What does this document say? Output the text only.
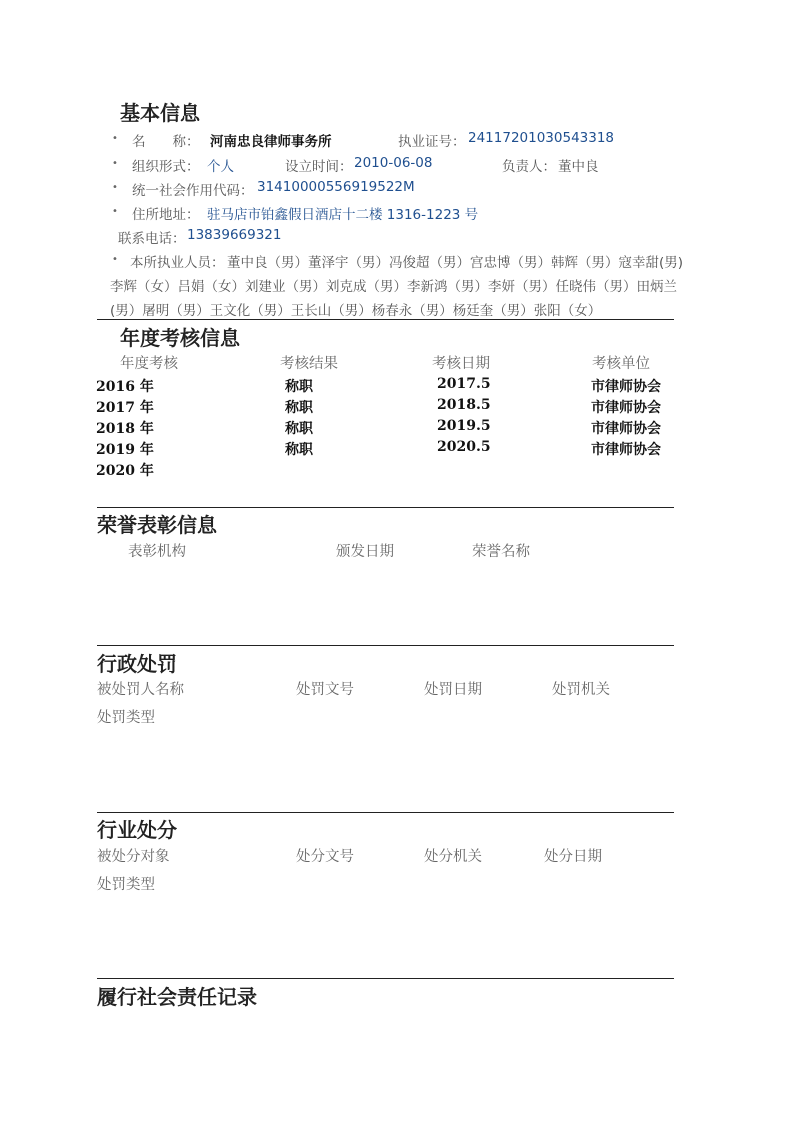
基本信息
• 名　　称： 河南忠良律师事务所	执业证号： 24117201030543318
• 组织形式： 个人	设立时间： 2010-06-08	负责人： 董中良
• 统一社会作用代码： 31410000556919522M
• 住所地址： 驻马店市铂鑫假日酒店十二楼 1316-1223 号
联系电话： 13839669321
• 本所执业人员： 董中良（男）董泽宇（男）冯俊超（男）宫忠博（男）韩辉（男）寇幸甜(男)
李辉（女）吕娟（女）刘建业（男）刘克成（男）李新鸿（男）李妍（男）任晓伟（男）田炳兰
(男）屠明（男）王文化（男）王长山（男）杨春永（男）杨廷奎（男）张阳（女）
年度考核信息
年度考核	考核结果	考核日期	考核单位
2016 年	称职	2017.5	市律师协会
2017 年	称职	2018.5	市律师协会
2018 年	称职	2019.5	市律师协会
2019 年	称职	2020.5	市律师协会
2020 年
荣誉表彰信息
表彰机构	颁发日期	荣誉名称
行政处罚
被处罚人名称	处罚文号	处罚日期	处罚机关
处罚类型
行业处分
被处分对象	处分文号	处分机关	处分日期
处罚类型
履行社会责任记录
